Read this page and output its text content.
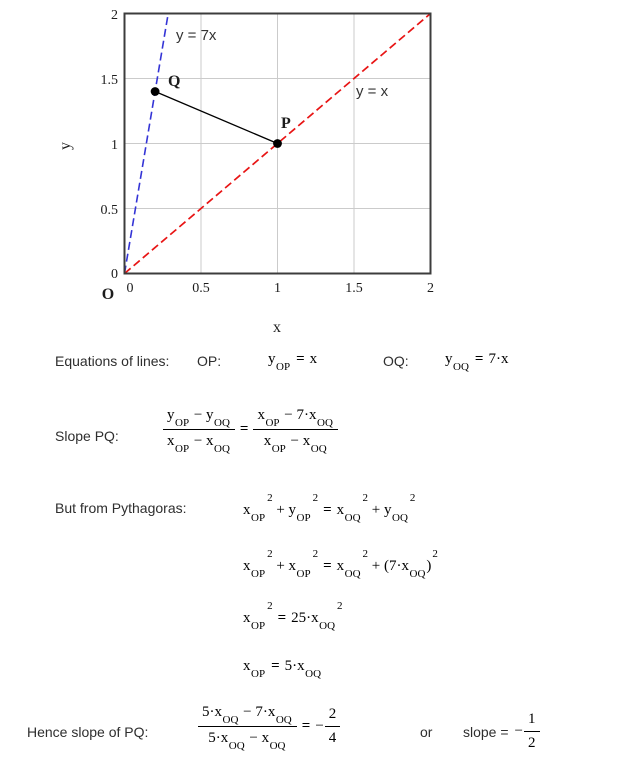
2
1.5
1
0.5
0
0	0.5	1	1.5	2
y = 7x
y = x
Q
P
O
x
y
Equations of lines: OP:	$y_{OP} = x$	OQ: $y_{OQ} = 7\cdot x$
Slope PQ:	$\frac{y_{OP} - y_{OQ}}{x_{OP} - x_{OQ}} = \frac{x_{OP} - 7\cdot x_{OQ}}{x_{OP} - x_{OQ}}$
But from Pythagoras:	$x_{OP}^2 + y_{OP}^2= x_{OQ}^2 + y_{OQ}^2$
$x_{OP}^2 + x_{OP}^2= x_{OQ}^2 + (7\cdot x_{OQ})^2$
$x_{OP}^2= 25\cdot x_{OQ}^2$
$x_{OP} = 5\cdot x_{OQ}$
Hence slope of PQ:	$\frac{5\cdot x_{OQ} - 7\cdot x_{OQ}}{5\cdot x_{OQ} - x_{OQ}}$ = − $\frac{2}{4}$	or slope = − $\frac{1}{2}$
